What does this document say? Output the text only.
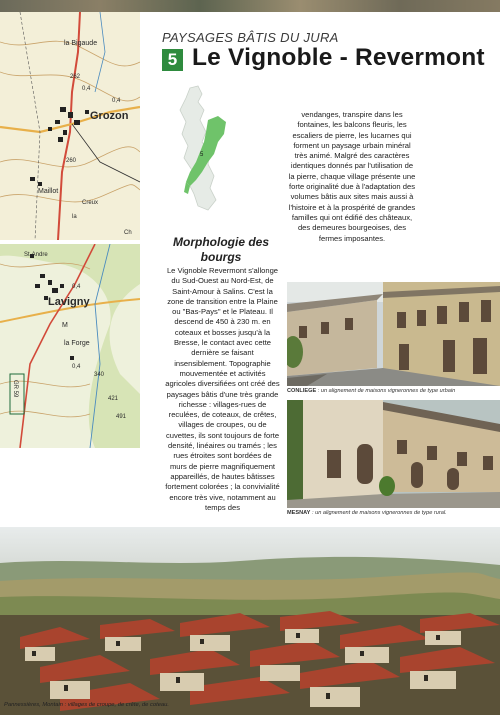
la Bigaude
262
0,4
0,4
Grozon
260
Maillot
Creux
la
Ch
St-Andre
Lavigny
0,4
M
la Forge
GR 59
0,4
340
421
491
PAYSAGES BÂTIS DU JURA
5 Le Vignoble - Revermont
5
Morphologie des bourgs

Le Vignoble Revermont s'allonge du Sud-Ouest au Nord-Est, de Saint-Amour à Salins. C'est la zone de transition entre la Plaine ou "Bas-Pays" et le Plateau. Il descend de 450 à 230 m. en coteaux et bosses jusqu'à la Bresse, le contact avec cette dernière se faisant insensiblement. Topographie mouvementée et activités agricoles diversifiées ont créé des paysages bâtis d'une très grande richesse : villages-rues de reculées, de coteaux, de crêtes, villages de croupes, ou de cuvettes, ils sont toujours de forte densité, linéaires ou tramés ; les rues étroites sont bordées de murs de pierre magnifiquement appareillés, de hautes bâtisses fortement colorées ; la convivialité encore très vive, notamment au temps des

vendanges, transpire dans les fontaines, les balcons fleuris, les escaliers de pierre, les lucarnes qui forment un paysage urbain minéral très animé. Malgré des caractères identiques donnés par l'utilisation de la pierre, chaque village présente une forte originalité due à l'adaptation des volumes bâtis aux sites mais aussi à l'histoire et à la prospérité de grandes familles qui ont édifié des châteaux, des demeures bourgeoises, des fermes imposantes.

CONLIEGE : un alignement de maisons vigneronnes de type urbain

MESNAY : un alignement de maisons vigneronnes de type rural.

Pannessières, Montain : villages de croupe, de crête, de coteau.
